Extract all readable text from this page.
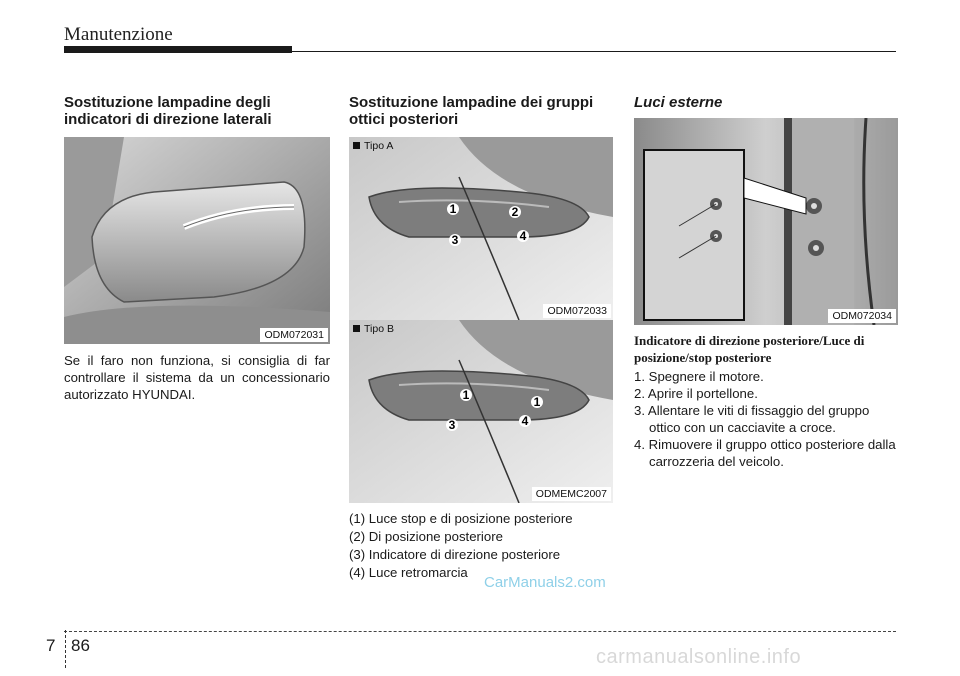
Manutenzione
Sostituzione lampadine degli indicatori di direzione laterali
ODM072031
Se il faro non funziona, si consiglia di far controllare il sistema da un concessionario autorizzato HYUNDAI.
Sostituzione lampadine dei gruppi ottici posteriori
1	2
3	4
Tipo A
ODM072033
1	1
3	4
Tipo B
ODMEMC2007
(1) Luce stop e di posizione posteriore
(2) Di posizione posteriore
(3) Indicatore di direzione posteriore
(4) Luce retromarcia
Luci esterne
ODM072034
Indicatore di direzione posteriore/Luce di posizione/stop posteriore
1. Spegnere il motore.
2. Aprire il portellone.
3. Allentare le viti di fissaggio del gruppo ottico con un cacciavite a croce.
4. Rimuovere il gruppo ottico posteriore dalla carrozzeria del veicolo.
7 86
CarManuals2.com
carmanualsonline.info
